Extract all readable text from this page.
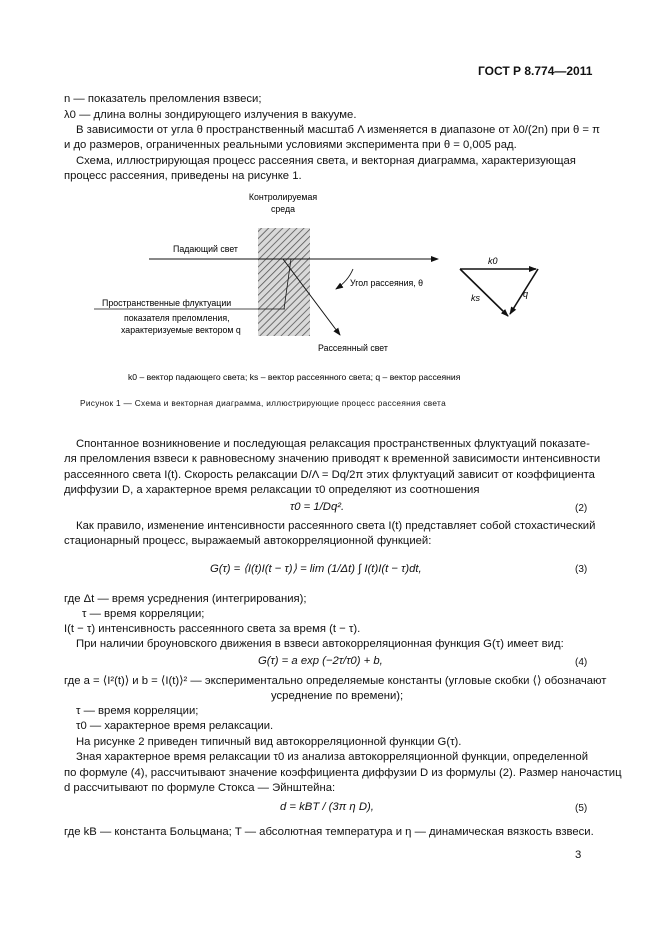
ГОСТ Р 8.774—2011
n — показатель преломления взвеси;
λ0 — длина волны зондирующего излучения в вакууме.
В зависимости от угла θ пространственный масштаб Λ изменяется в диапазоне от λ0/(2n) при θ = π
и до размеров, ограниченных реальными условиями эксперимента при θ = 0,005 рад.
Схема, иллюстрирующая процесс рассеяния света, и векторная диаграмма, характеризующая
процесс рассеяния, приведены на рисунке 1.
Контролируемая
среда
Падающий свет
Угол рассеяния, θ
Пространственные флуктуации
показателя преломления,
характеризуемые вектором q
Рассеянный свет
k0
ks	q
k0 – вектор падающего света; ks – вектор рассеянного света; q – вектор рассеяния
Рисунок 1 — Схема и векторная диаграмма, иллюстрирующие процесс рассеяния света
Спонтанное возникновение и последующая релаксация пространственных флуктуаций показате-
ля преломления взвеси к равновесному значению приводят к временной зависимости интенсивности
рассеянного света I(t). Скорость релаксации D/Λ = Dq/2π этих флуктуаций зависит от коэффициента
диффузии D, а характерное время релаксации τ0 определяют из соотношения
τ0 = 1/Dq².	(2)
Как правило, изменение интенсивности рассеянного света I(t) представляет собой стохастический
стационарный процесс, выражаемый автокорреляционной функцией:
G(τ) = ⟨I(t)I(t − τ)⟩ = lim (1/Δt) ∫ I(t)I(t − τ)dt,	(3)
где Δt — время усреднения (интегрирования);
τ — время корреляции;
I(t − τ) интенсивность рассеянного света за время (t − τ).
При наличии броуновского движения в взвеси автокорреляционная функция G(τ) имеет вид:
G(τ) = a exp (−2τ/τ0) + b,	(4)
где a = ⟨I²(t)⟩ и b = ⟨I(t)⟩² — экспериментально определяемые константы (угловые скобки ⟨⟩ обозначают
усреднение по времени);
τ — время корреляции;
τ0 — характерное время релаксации.
На рисунке 2 приведен типичный вид автокорреляционной функции G(τ).
Зная характерное время релаксации τ0 из анализа автокорреляционной функции, определенной
по формуле (4), рассчитывают значение коэффициента диффузии D из формулы (2). Размер наночастиц
d рассчитывают по формуле Стокса — Эйнштейна:
d = kBT / (3π η D),	(5)
где kB — константа Больцмана; T — абсолютная температура и η — динамическая вязкость взвеси.
3
